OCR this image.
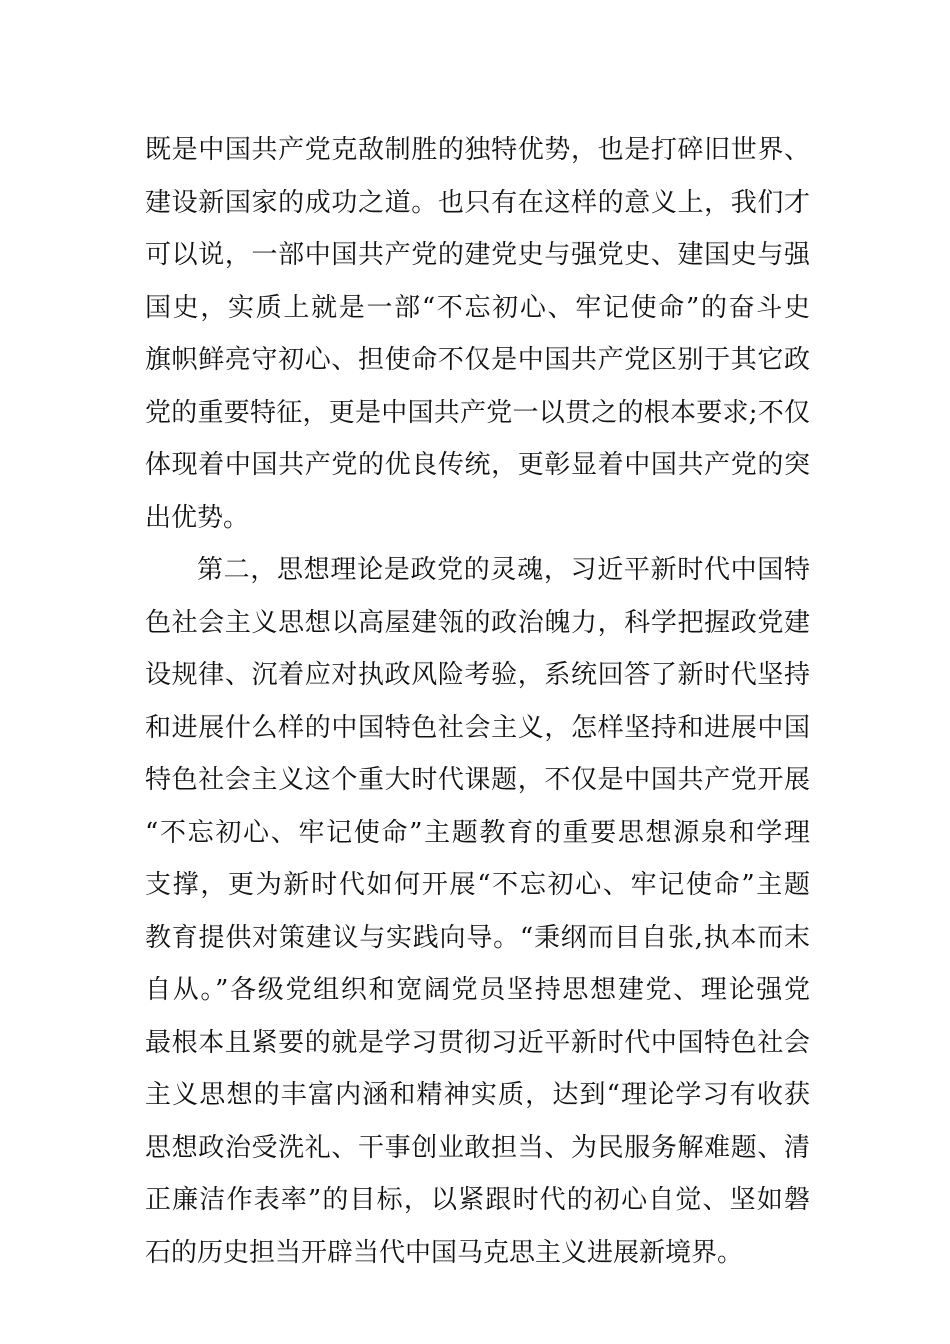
既是中国共产党克敌制胜的独特优势，也是打碎旧世界、
建设新国家的成功之道。也只有在这样的意义上，我们才
可以说，一部中国共产党的建党史与强党史、建国史与强
国史，实质上就是一部“不忘初心、牢记使命”的奋斗史
旗帜鲜亮守初心、担使命不仅是中国共产党区别于其它政
党的重要特征，更是中国共产党一以贯之的根本要求;不仅
体现着中国共产党的优良传统，更彰显着中国共产党的突
出优势。
第二，思想理论是政党的灵魂，习近平新时代中国特
色社会主义思想以高屋建瓴的政治魄力，科学把握政党建
设规律、沉着应对执政风险考验，系统回答了新时代坚持
和进展什么样的中国特色社会主义，怎样坚持和进展中国
特色社会主义这个重大时代课题，不仅是中国共产党开展
“不忘初心、牢记使命”主题教育的重要思想源泉和学理
支撑，更为新时代如何开展“不忘初心、牢记使命”主题
教育提供对策建议与实践向导。“秉纲而目自张,执本而末
自从。”各级党组织和宽阔党员坚持思想建党、理论强党
最根本且紧要的就是学习贯彻习近平新时代中国特色社会
主义思想的丰富内涵和精神实质，达到“理论学习有收获
思想政治受洗礼、干事创业敢担当、为民服务解难题、清
正廉洁作表率”的目标，以紧跟时代的初心自觉、坚如磐
石的历史担当开辟当代中国马克思主义进展新境界。
